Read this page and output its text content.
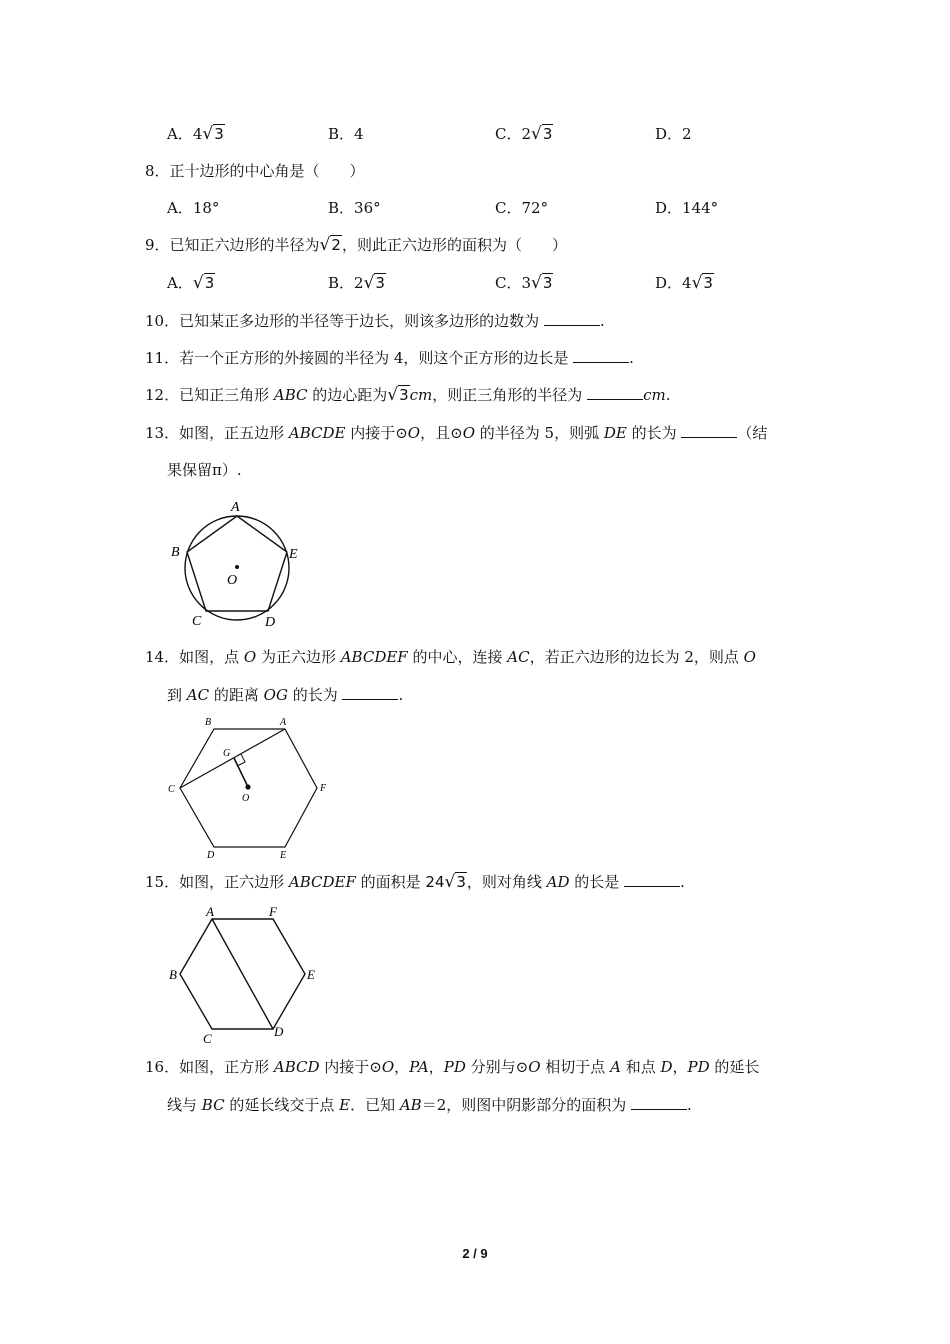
A．4√3	B．4	C．2√3	D．2
8．正十边形的中心角是（　　）
A．18°	B．36°	C．72°	D．144°
9．已知正六边形的半径为√2，则此正六边形的面积为（　　）
A．√3	B．2√3	C．3√3	D．4√3
10．已知某正多边形的半径等于边长，则该多边形的边数为	.
11．若一个正方形的外接圆的半径为 4，则这个正方形的边长是	.
12．已知正三角形 ABC 的边心距为√3cm，则正三角形的半径为	cm.
13．如图，正五边形 ABCDE 内接于⊙O，且⊙O 的半径为 5，则弧 DE 的长为	（结
果保留π）.
A
B
C	D
E
O
14．如图，点 O 为正六边形 ABCDEF 的中心，连接 AC，若正六边形的边长为 2，则点 O
到 AC 的距离 OG 的长为	.
B	A
G
C
O
F
D	E
15．如图，正六边形 ABCDEF 的面积是 24√3，则对角线 AD 的长是	.
A	F
B	E
C	D
16．如图，正方形 ABCD 内接于⊙O，PA，PD 分别与⊙O 相切于点 A 和点 D，PD 的延长
线与 BC 的延长线交于点 E．已知 AB＝2，则图中阴影部分的面积为	.
2 / 9
